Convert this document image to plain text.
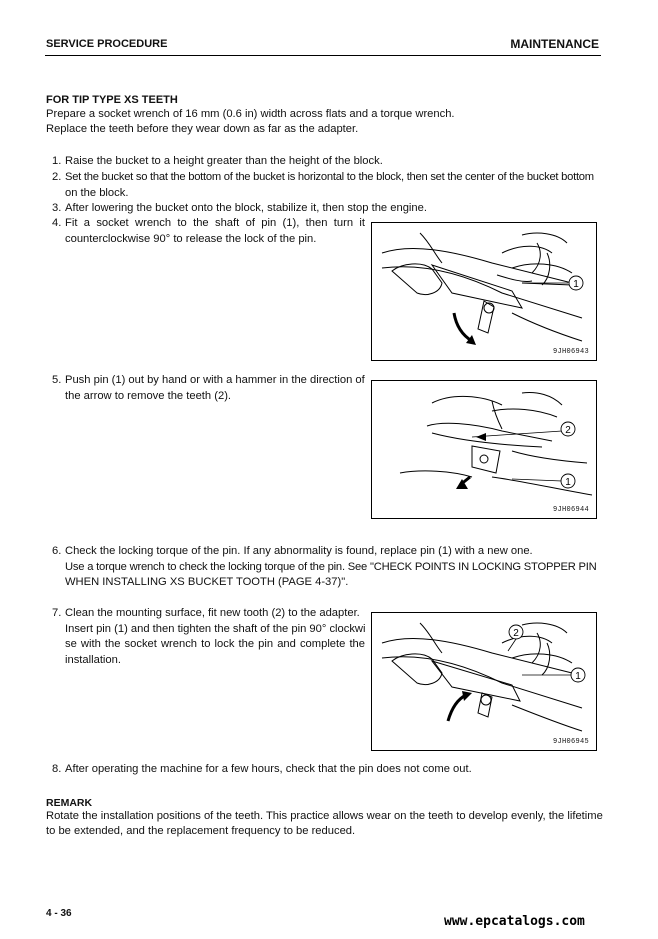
SERVICE PROCEDURE	MAINTENANCE
FOR TIP TYPE XS TEETH
Prepare a socket wrench of 16 mm (0.6 in) width across flats and a torque wrench.
Replace the teeth before they wear down as far as the adapter.
1. Raise the bucket to a height greater than the height of the block.
2. Set the bucket so that the bottom of the bucket is horizontal to the block, then set the center of the bucket bottom
on the block.
3. After lowering the bucket onto the block, stabilize it, then stop the engine.
4. Fit a socket wrench to the shaft of pin (1), then turn it
counterclockwise 90° to release the lock of the pin.
1
9JH06943
5. Push pin (1) out by hand or with a hammer in the direction of
the arrow to remove the teeth (2).
2
1
9JH06944
6. Check the locking torque of the pin. If any abnormality is found, replace pin (1) with a new one.
Use a torque wrench to check the locking torque of the pin. See "CHECK POINTS IN LOCKING STOPPER PIN
WHEN INSTALLING XS BUCKET TOOTH (PAGE 4-37)".
7. Clean the mounting surface, fit new tooth (2) to the adapter.
Insert pin (1) and then tighten the shaft of the pin 90° clockwi
se with the socket wrench to lock the pin and complete the
installation.
2
1
9JH06945
8. After operating the machine for a few hours, check that the pin does not come out.
REMARK
Rotate the installation positions of the teeth. This practice allows wear on the teeth to develop evenly, the lifetime
to be extended, and the replacement frequency to be reduced.
4 - 36
www.epcatalogs.com
